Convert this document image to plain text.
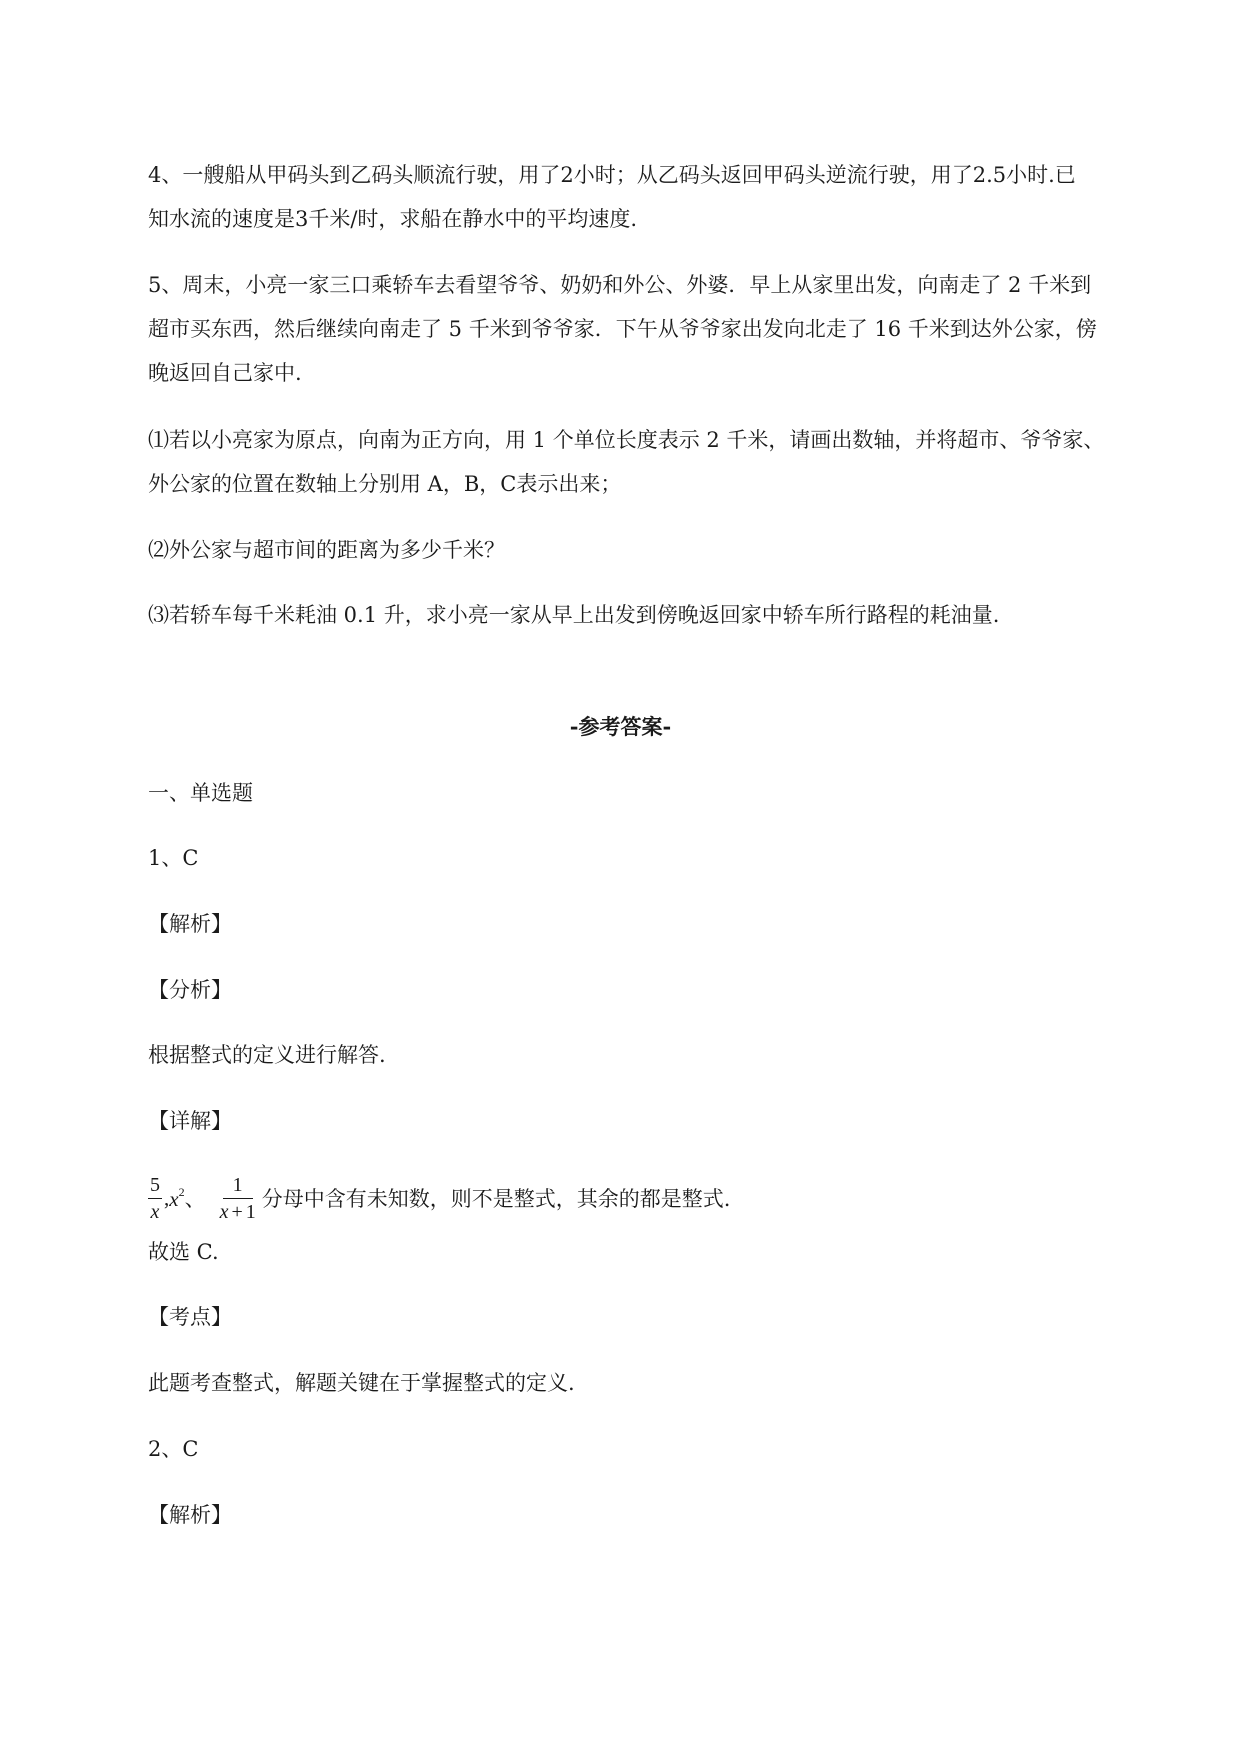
4、一艘船从甲码头到乙码头顺流行驶，用了2小时；从乙码头返回甲码头逆流行驶，用了2.5小时.已
知水流的速度是3千米/时，求船在静水中的平均速度.
5、周末，小亮一家三口乘轿车去看望爷爷、奶奶和外公、外婆．早上从家里出发，向南走了 2 千米到
超市买东西，然后继续向南走了 5 千米到爷爷家．下午从爷爷家出发向北走了 16 千米到达外公家，傍
晚返回自己家中.
⑴若以小亮家为原点，向南为正方向，用 1 个单位长度表示 2 千米，请画出数轴，并将超市、爷爷家、
外公家的位置在数轴上分别用 A，B，C表示出来；
⑵外公家与超市间的距离为多少千米？
⑶若轿车每千米耗油 0.1 升，求小亮一家从早上出发到傍晚返回家中轿车所行路程的耗油量.
-参考答案-
一、单选题
1、C
【解析】
【分析】
根据整式的定义进行解答.
【详解】
$\frac{5}{x}$ , $x^2$ 、 $\frac{1}{x + 1}$ 分母中含有未知数，则不是整式，其余的都是整式.
故选 C.
【考点】
此题考查整式，解题关键在于掌握整式的定义.
2、C
【解析】
